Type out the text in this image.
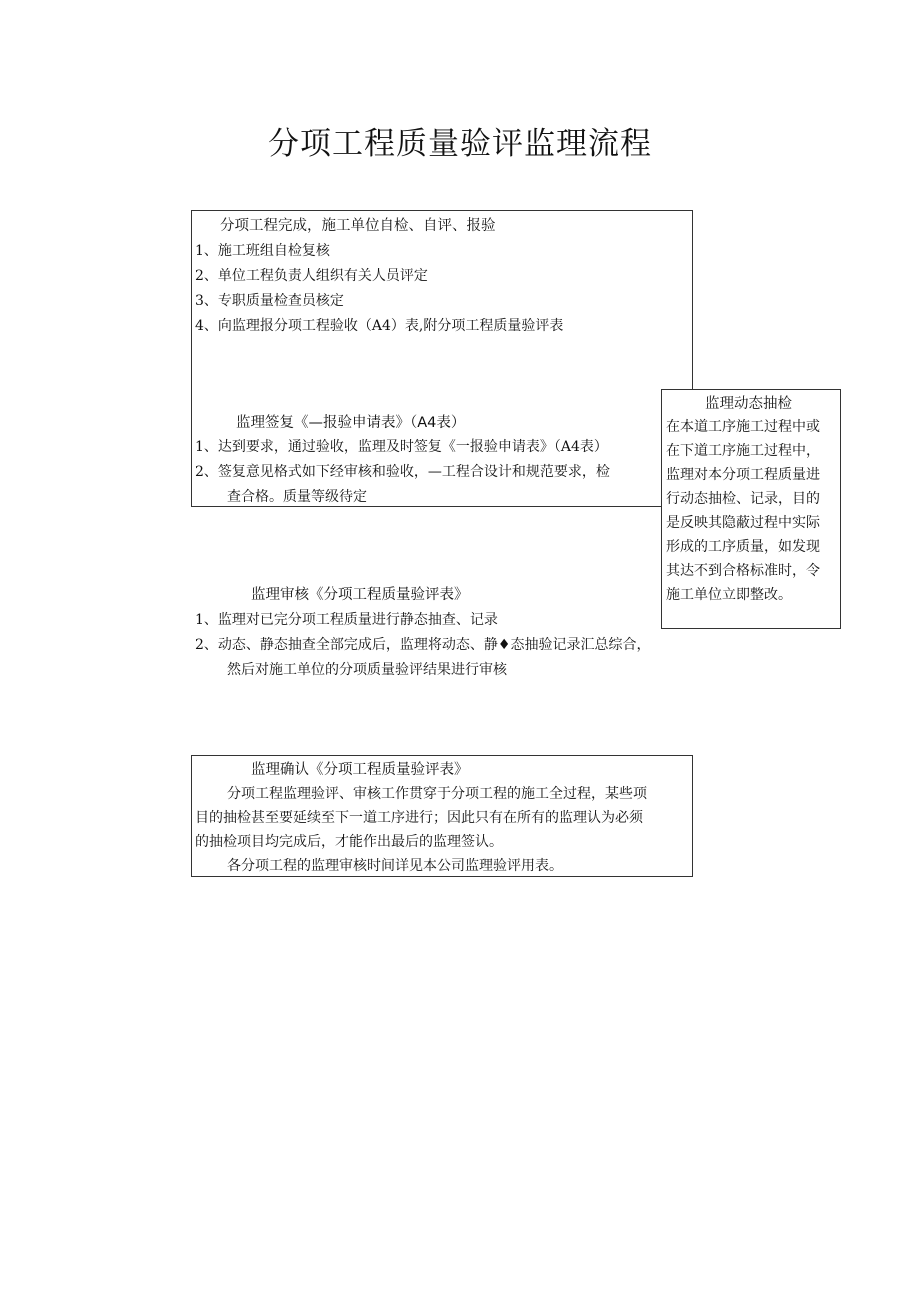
分项工程质量验评监理流程
分项工程完成，施工单位自检、自评、报验
1、施工班组自检复核
2、单位工程负责人组织有关人员评定
3、专职质量检查员核定
4、向监理报分项工程验收（A4）表,附分项工程质量验评表
监理签复《—报验申请表》（A4表）
1、达到要求，通过验收，监理及时签复《一报验申请表》（A4表）
2、签复意见格式如下经审核和验收，—工程合设计和规范要求，检
查合格。质量等级待定
监理动态抽检
在本道工序施工过程中或
在下道工序施工过程中，
监理对本分项工程质量进
行动态抽检、记录，目的
是反映其隐蔽过程中实际
形成的工序质量，如发现
其达不到合格标准时，令
施工单位立即整改。
监理审核《分项工程质量验评表》
1、监理对已完分项工程质量进行静态抽查、记录
2、动态、静态抽查全部完成后，监理将动态、静♦态抽验记录汇总综合，
然后对施工单位的分项质量验评结果进行审核
监理确认《分项工程质量验评表》
分项工程监理验评、审核工作贯穿于分项工程的施工全过程，某些项
目的抽检甚至要延续至下一道工序进行；因此只有在所有的监理认为必须
的抽检项目均完成后，才能作出最后的监理签认。
各分项工程的监理审核时间详见本公司监理验评用表。
